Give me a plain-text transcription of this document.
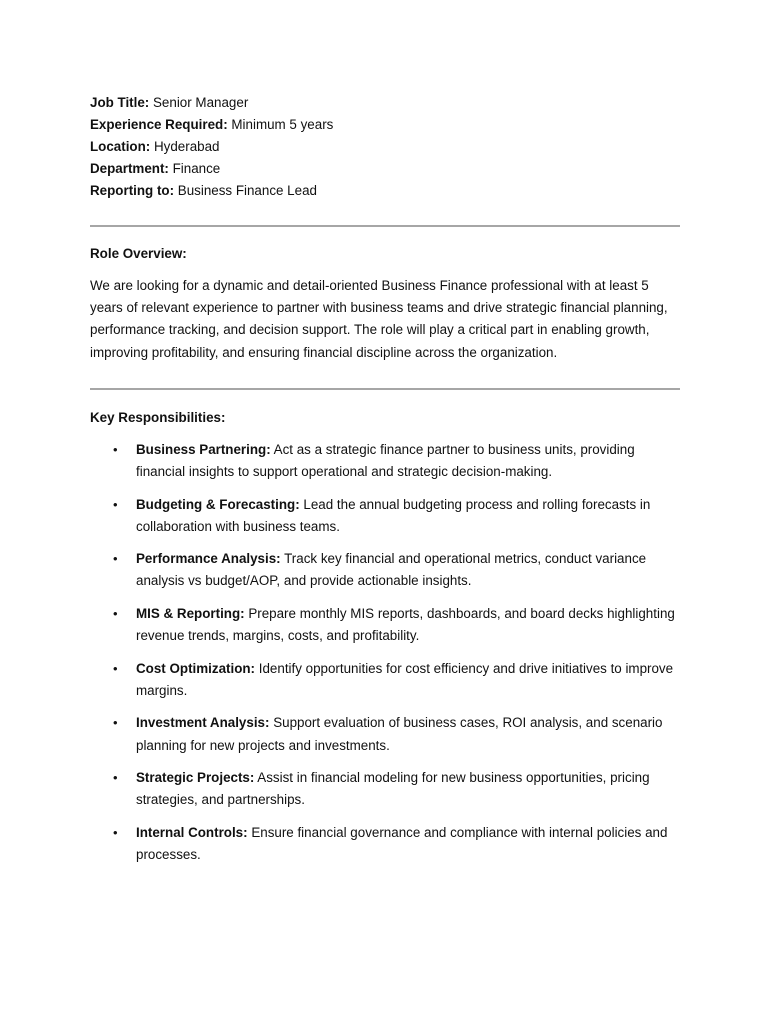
Job Title: Senior Manager
Experience Required: Minimum 5 years
Location: Hyderabad
Department: Finance
Reporting to: Business Finance Lead
Role Overview:
We are looking for a dynamic and detail-oriented Business Finance professional with at least 5 years of relevant experience to partner with business teams and drive strategic financial planning, performance tracking, and decision support. The role will play a critical part in enabling growth, improving profitability, and ensuring financial discipline across the organization.
Key Responsibilities:
• Business Partnering: Act as a strategic finance partner to business units, providing financial insights to support operational and strategic decision-making.
• Budgeting & Forecasting: Lead the annual budgeting process and rolling forecasts in collaboration with business teams.
• Performance Analysis: Track key financial and operational metrics, conduct variance analysis vs budget/AOP, and provide actionable insights.
• MIS & Reporting: Prepare monthly MIS reports, dashboards, and board decks highlighting revenue trends, margins, costs, and profitability.
• Cost Optimization: Identify opportunities for cost efficiency and drive initiatives to improve margins.
• Investment Analysis: Support evaluation of business cases, ROI analysis, and scenario planning for new projects and investments.
• Strategic Projects: Assist in financial modeling for new business opportunities, pricing strategies, and partnerships.
• Internal Controls: Ensure financial governance and compliance with internal policies and processes.
